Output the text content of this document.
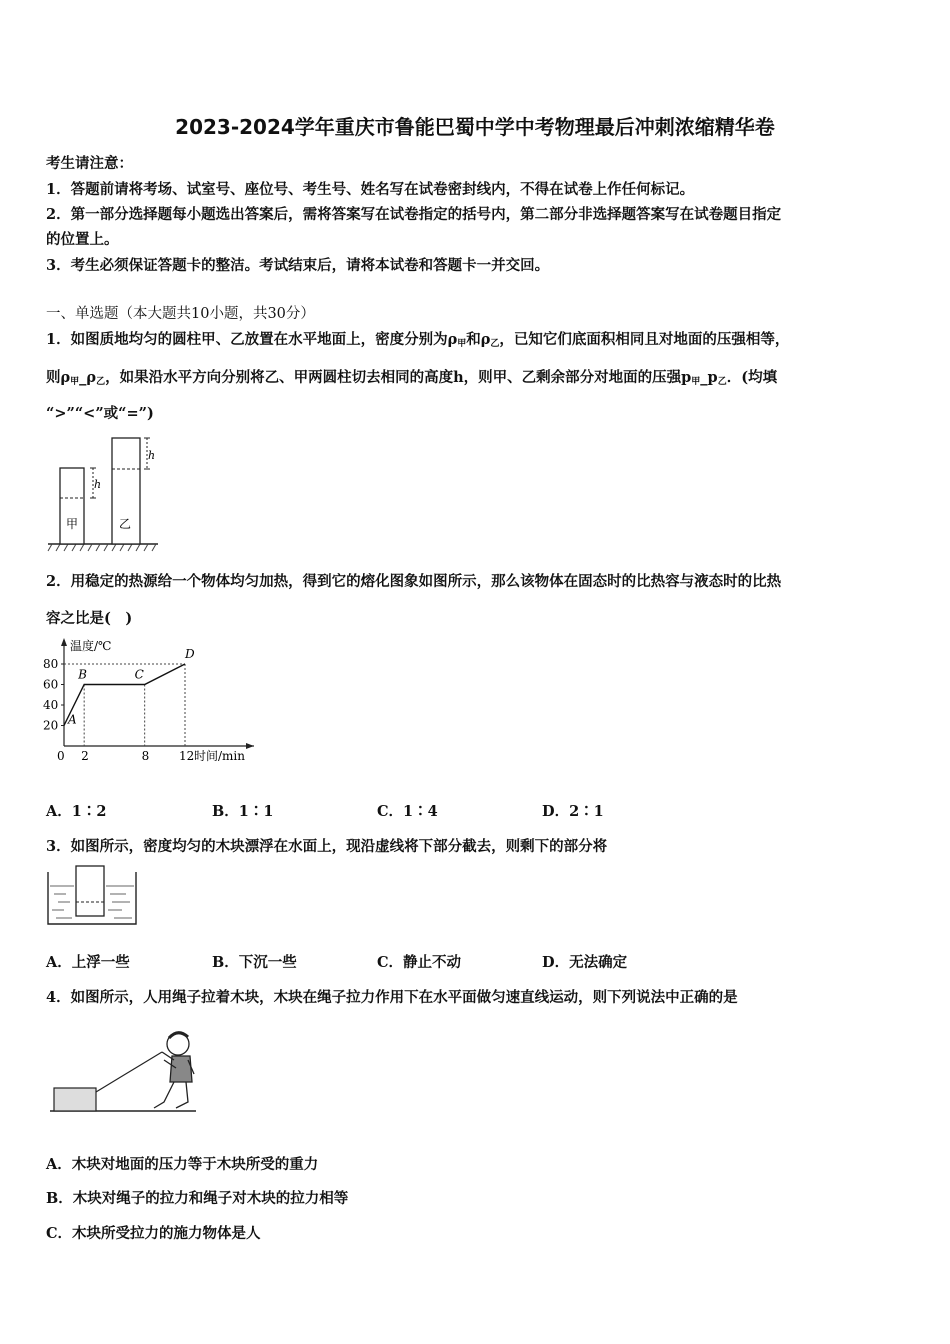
2023-2024学年重庆市鲁能巴蜀中学中考物理最后冲刺浓缩精华卷
考生请注意：
1．答题前请将考场、试室号、座位号、考生号、姓名写在试卷密封线内，不得在试卷上作任何标记。
2．第一部分选择题每小题选出答案后，需将答案写在试卷指定的括号内，第二部分非选择题答案写在试卷题目指定
的位置上。
3．考生必须保证答题卡的整洁。考试结束后，请将本试卷和答题卡一并交回。
一、单选题（本大题共10小题，共30分）
1．如图质地均匀的圆柱甲、乙放置在水平地面上，密度分别为$\rho_甲$和$\rho_乙$，已知它们底面积相同且对地面的压强相等，
则$\rho_甲\_\rho_乙$，如果沿水平方向分别将乙、甲两圆柱切去相同的高度h，则甲、乙剩余部分对地面的压强$p_甲\_p_乙$．(均填
“>”“<”或“=”)
h
甲
h
乙
2．用稳定的热源给一个物体均匀加热，得到它的熔化图象如图所示，那么该物体在固态时的比热容与液态时的比热
容之比是(　)
温度/℃
时间/min
20
40
60
80
0 2	8 12
A
B	C
D
A．1∶2	B．1∶1	C．1∶4	D．2∶1
3．如图所示，密度均匀的木块漂浮在水面上，现沿虚线将下部分截去，则剩下的部分将
A．上浮一些	B．下沉一些	C．静止不动	D．无法确定
4．如图所示，人用绳子拉着木块，木块在绳子拉力作用下在水平面做匀速直线运动，则下列说法中正确的是
A．木块对地面的压力等于木块所受的重力
B．木块对绳子的拉力和绳子对木块的拉力相等
C．木块所受拉力的施力物体是人
